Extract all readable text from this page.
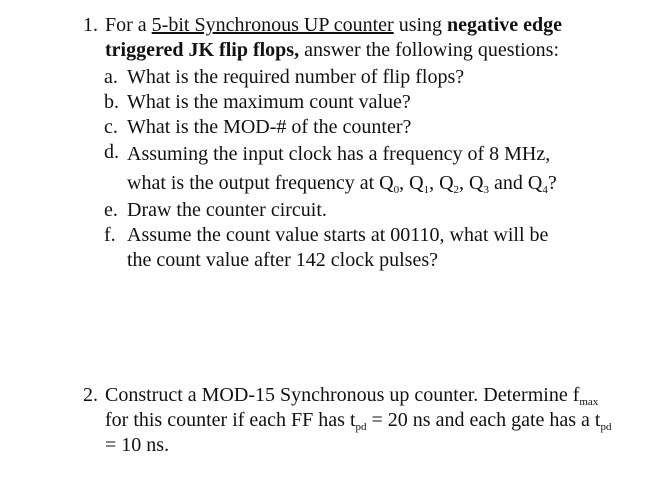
1. For a 5-bit Synchronous UP counter using negative edge triggered JK flip flops, answer the following questions:
a. What is the required number of flip flops?
b. What is the maximum count value?
c. What is the MOD-# of the counter?
d. Assuming the input clock has a frequency of 8 MHz, what is the output frequency at $Q_0$, $Q_1$, $Q_2$, $Q_3$ and $Q_4$?
e. Draw the counter circuit.
f. Assume the count value starts at 00110, what will be the count value after 142 clock pulses?
2. Construct a MOD-15 Synchronous up counter. Determine $f_{max}$ for this counter if each FF has $t_{pd} = 20$ ns and each gate has a $t_{pd} = 10$ ns.
